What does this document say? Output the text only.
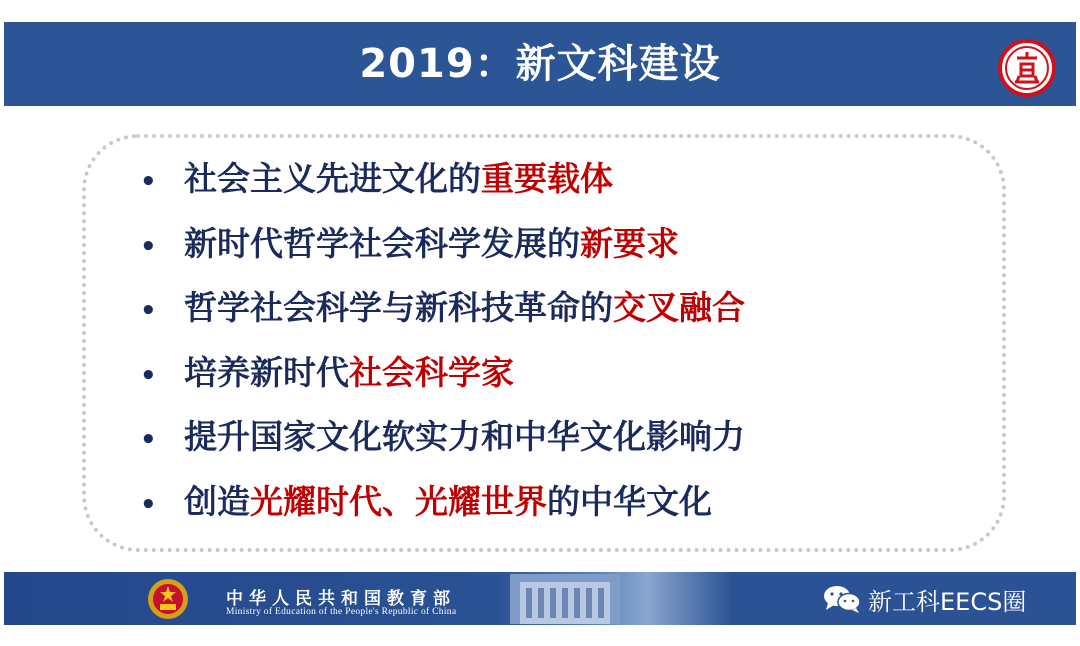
2019：新文科建设
• 社会主义先进文化的重要载体
• 新时代哲学社会科学发展的新要求
• 哲学社会科学与新科技革命的交叉融合
• 培养新时代社会科学家
• 提升国家文化软实力和中华文化影响力
• 创造光耀时代、光耀世界的中华文化
中华人民共和国教育部
Ministry of Education of the People's Republic of China	新工科EECS圈
